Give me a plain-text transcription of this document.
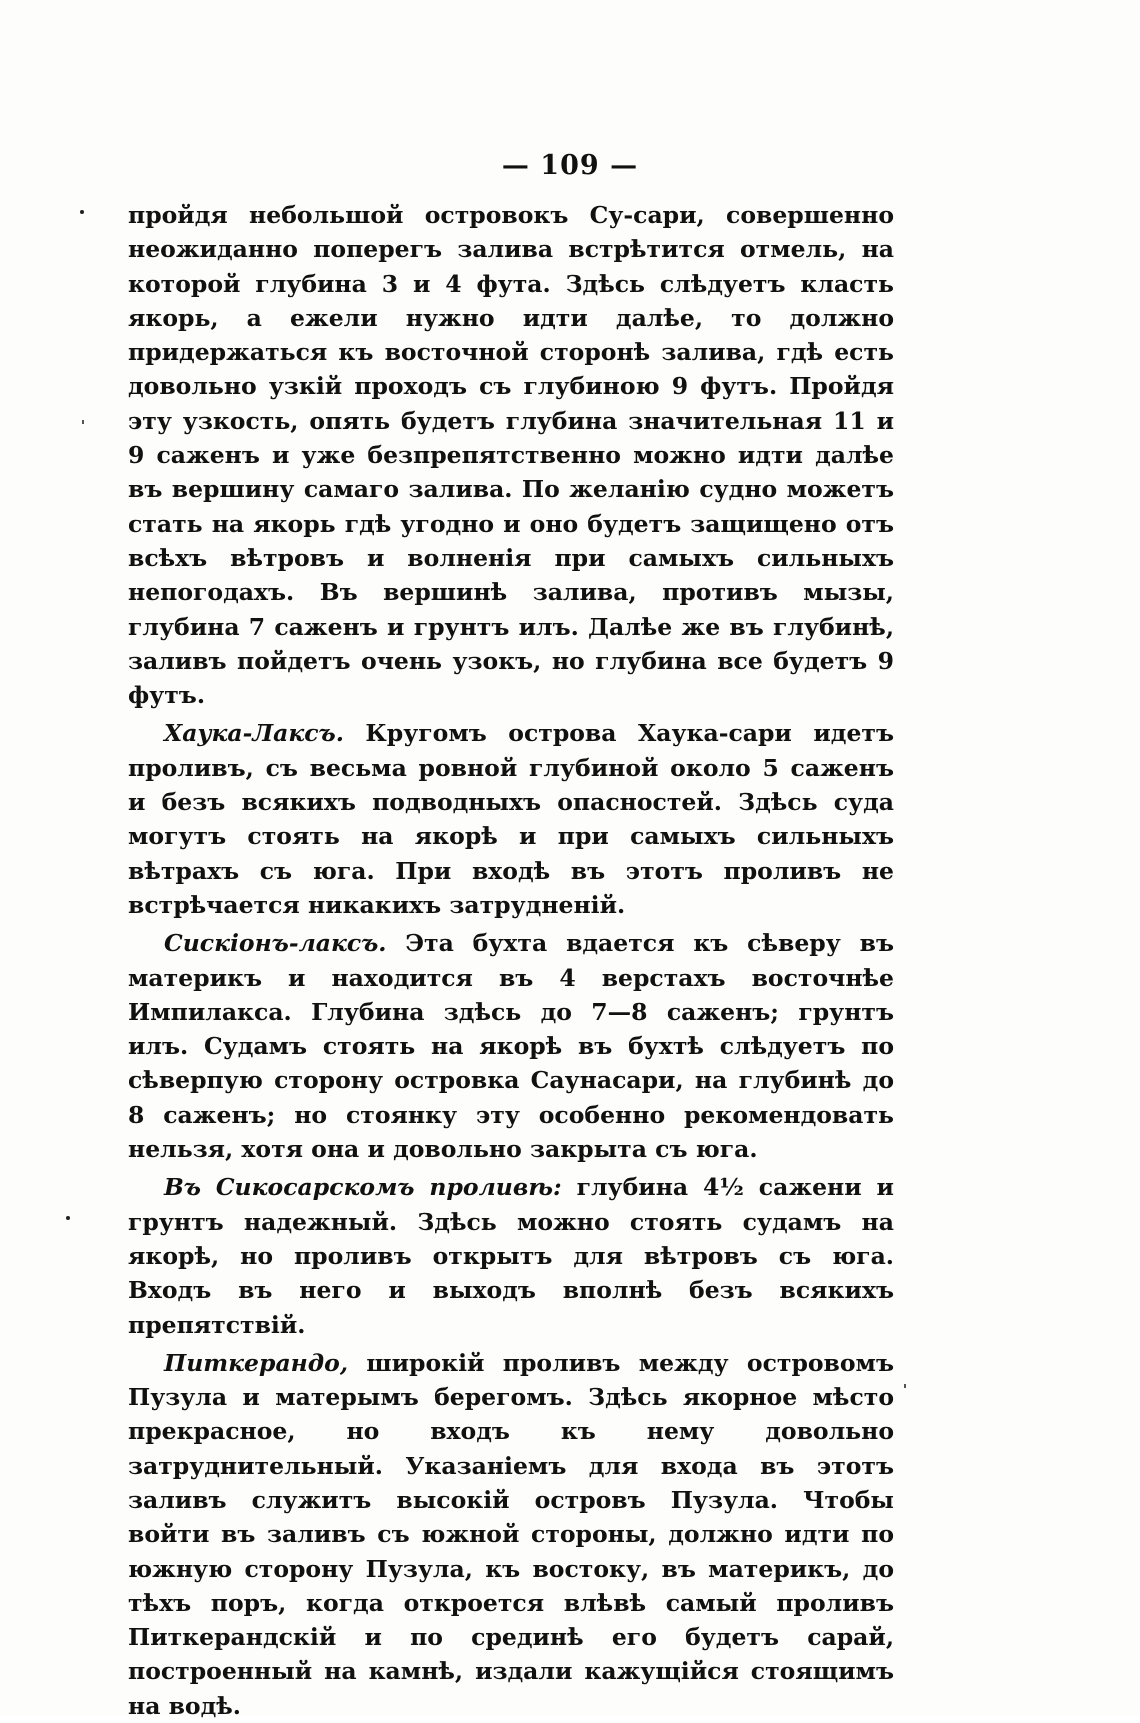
— 109 —

пройдя небольшой островокъ Су-сари, совершенно неожиданно поперегъ залива встрѣтится отмель, на которой глубина 3 и 4 фута. Здѣсь слѣдуетъ класть якорь, а ежели нужно идти далѣе, то должно придержаться къ восточной сторонѣ залива, гдѣ есть довольно узкій проходъ съ глубиною 9 футъ. Пройдя эту узкость, опять будетъ глубина значительная 11 и 9 саженъ и уже безпрепятственно можно идти далѣе въ вершину самаго залива. По желанію судно можетъ стать на якорь гдѣ угодно и оно будетъ защищено отъ всѣхъ вѣтровъ и волненія при самыхъ сильныхъ непогодахъ. Въ вершинѣ залива, противъ мызы, глубина 7 саженъ и грунтъ илъ. Далѣе же въ глубинѣ, заливъ пойдетъ очень узокъ, но глубина все будетъ 9 футъ.

Хаука-Лаксъ. Кругомъ острова Хаука-сари идетъ проливъ, съ весьма ровной глубиной около 5 саженъ и безъ всякихъ подводныхъ опасностей. Здѣсь суда могутъ стоять на якорѣ и при самыхъ сильныхъ вѣтрахъ съ юга. При входѣ въ этотъ проливъ не встрѣчается никакихъ затрудненій.

Сискіонъ-лаксъ. Эта бухта вдается къ сѣверу въ материкъ и находится въ 4 верстахъ восточнѣе Импилакса. Глубина здѣсь до 7—8 саженъ; грунтъ илъ. Судамъ стоять на якорѣ въ бухтѣ слѣдуетъ по сѣверпую сторону островка Саунасари, на глубинѣ до 8 саженъ; но стоянку эту особенно рекомендовать нельзя, хотя она и довольно закрыта съ юга.

Въ Сикосарскомъ проливѣ: глубина 4½ сажени и грунтъ надежный. Здѣсь можно стоять судамъ на якорѣ, но проливъ открытъ для вѣтровъ съ юга. Входъ въ него и выходъ вполнѣ безъ всякихъ препятствій.

Питкерандо, широкій проливъ между островомъ Пузула и матерымъ берегомъ. Здѣсь якорное мѣсто прекрасное, но входъ къ нему довольно затруднительный. Указаніемъ для входа въ этотъ заливъ служитъ высокій островъ Пузула. Чтобы войти въ заливъ съ южной стороны, должно идти по южную сторону Пузула, къ востоку, въ материкъ, до тѣхъ поръ, когда откроется влѣвѣ самый проливъ Питкерандскій и по срединѣ его будетъ сарай, построенный на камнѣ, издали кажущійся стоящимъ на водѣ.
